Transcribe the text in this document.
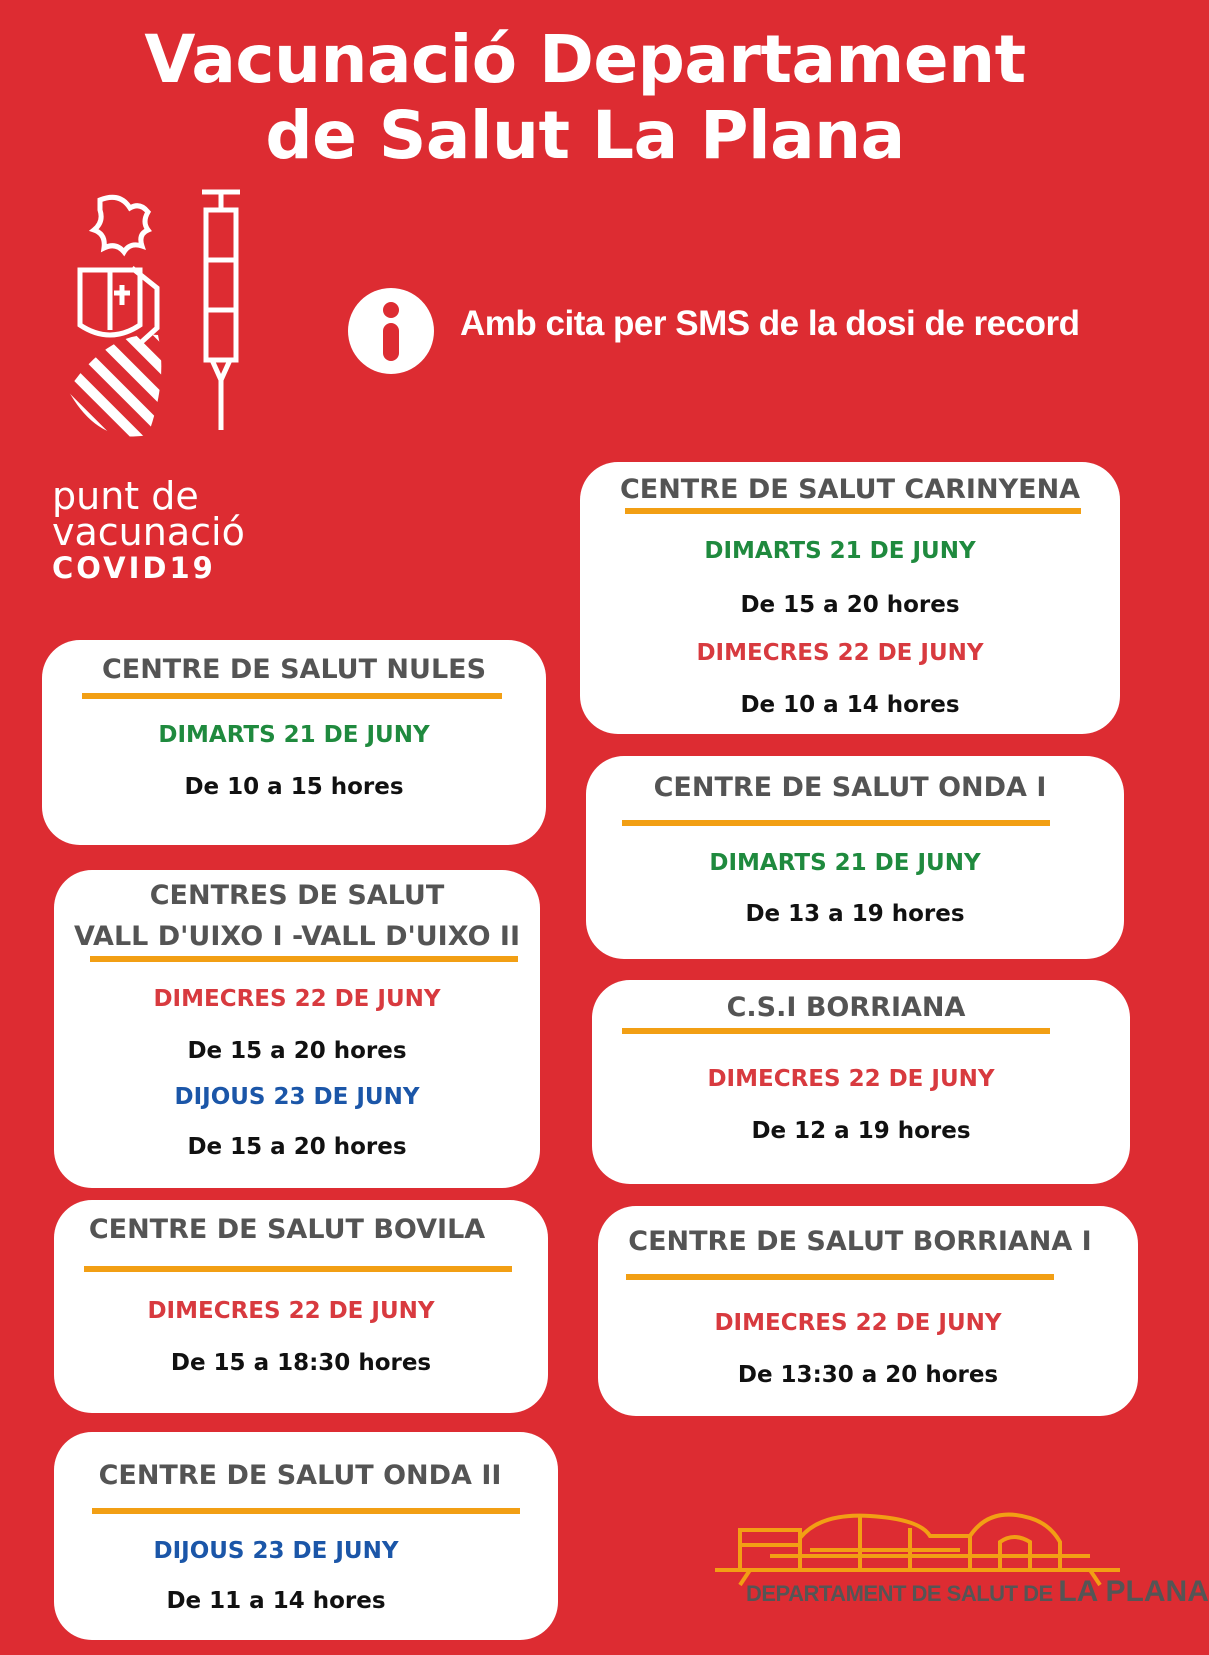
Vacunació Departament
de Salut La Plana
punt de
vacunació
COVID19
Amb cita per SMS de la dosi de record
CENTRE DE SALUT CARINYENA
DIMARTS 21 DE JUNY
De 15 a 20 hores
DIMECRES 22 DE JUNY
De 10 a 14 hores
CENTRE DE SALUT NULES
DIMARTS 21 DE JUNY
De 10 a 15 hores	CENTRE DE SALUT ONDA I
DIMARTS 21 DE JUNY
De 13 a 19 hores
CENTRES DE SALUT
VALL D'UIXO I -VALL D'UIXO II
DIMECRES 22 DE JUNY
De 15 a 20 hores
DIJOUS 23 DE JUNY
De 15 a 20 hores
C.S.I BORRIANA
DIMECRES 22 DE JUNY
De 12 a 19 hores
CENTRE DE SALUT BOVILA
DIMECRES 22 DE JUNY
De 15 a 18:30 hores
CENTRE DE SALUT BORRIANA I
DIMECRES 22 DE JUNY
De 13:30 a 20 hores
CENTRE DE SALUT ONDA II
DIJOUS 23 DE JUNY
De 11 a 14 hores	DEPARTAMENT DE SALUT DE LA PLANA
